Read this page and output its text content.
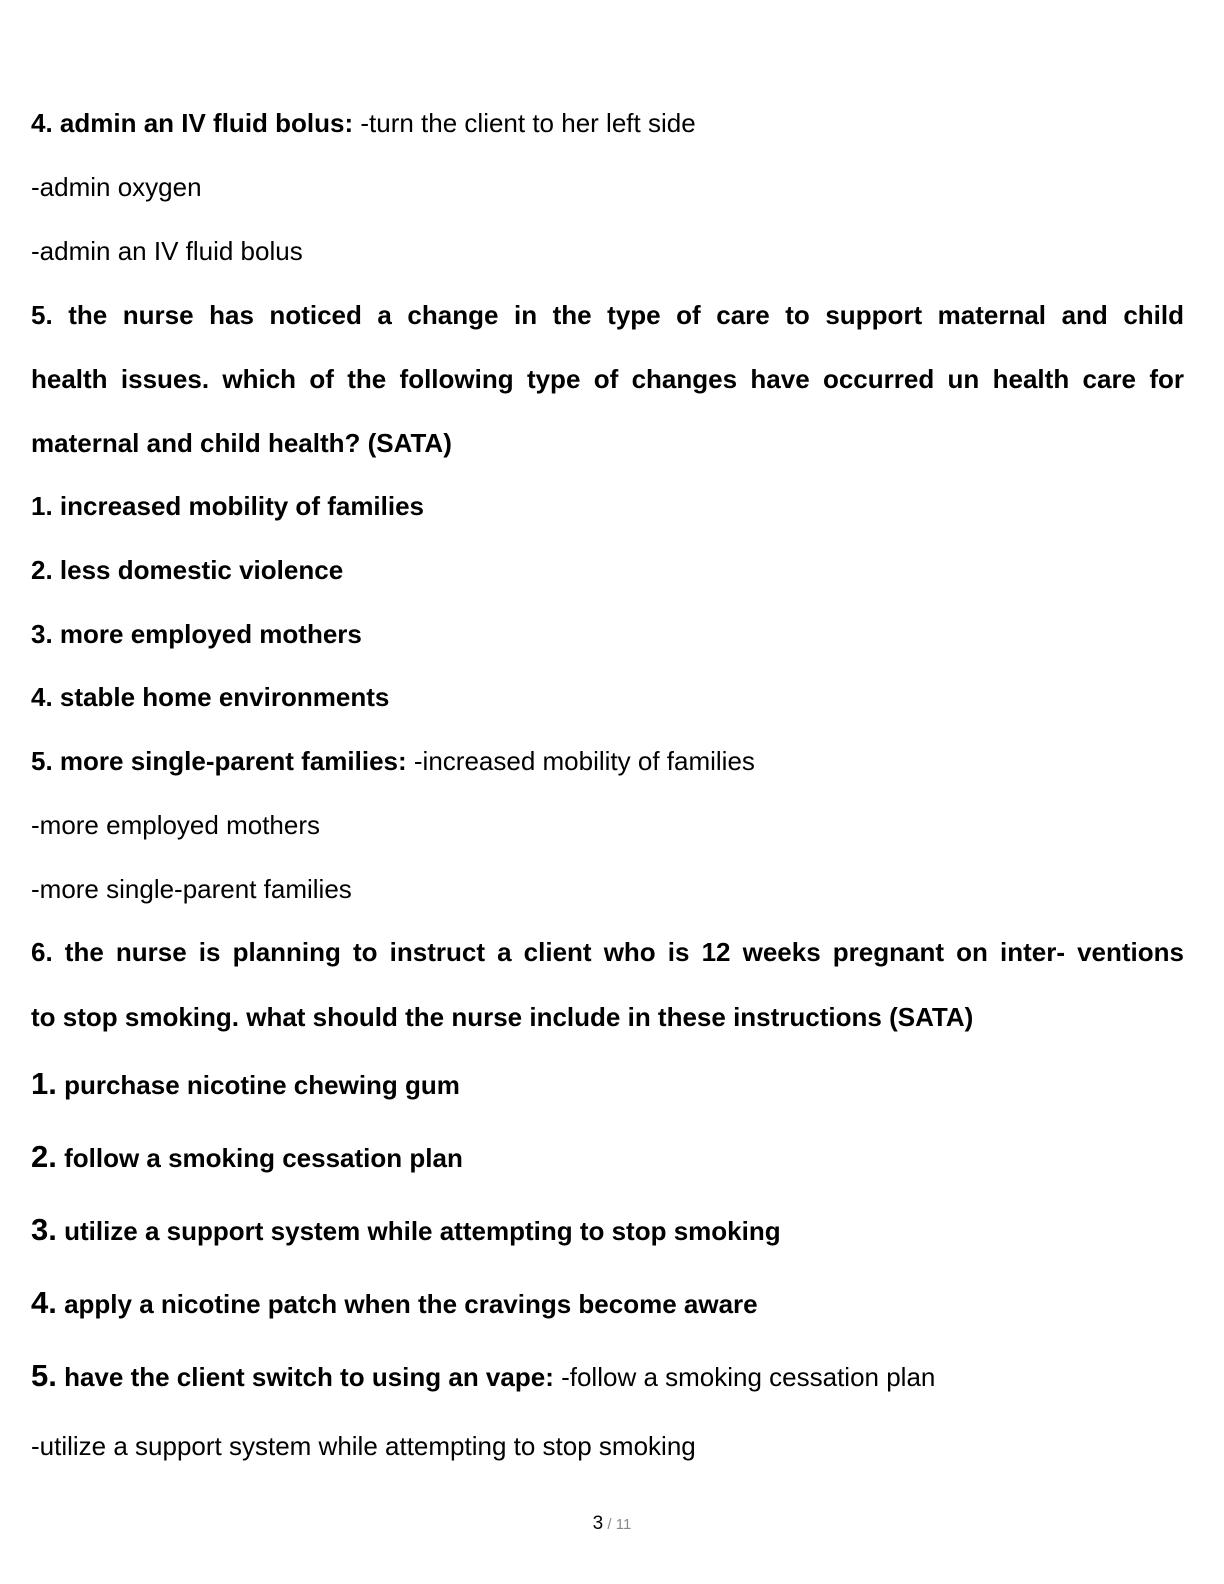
4. admin an IV fluid bolus: -turn the client to her left side
-admin oxygen
-admin an IV fluid bolus
5. the nurse has noticed a change in the type of care to support maternal and child
health issues. which of the following type of changes have occurred un health care for
maternal and child health? (SATA)
1. increased mobility of families
2. less domestic violence
3. more employed mothers
4. stable home environments
5. more single-parent families: -increased mobility of families
-more employed mothers
-more single-parent families
6. the nurse is planning to instruct a client who is 12 weeks pregnant on inter- ventions
to stop smoking. what should the nurse include in these instructions (SATA)
1. purchase nicotine chewing gum
2. follow a smoking cessation plan
3. utilize a support system while attempting to stop smoking
4. apply a nicotine patch when the cravings become aware
5. have the client switch to using an vape: -follow a smoking cessation plan
-utilize a support system while attempting to stop smoking
3 / 11
